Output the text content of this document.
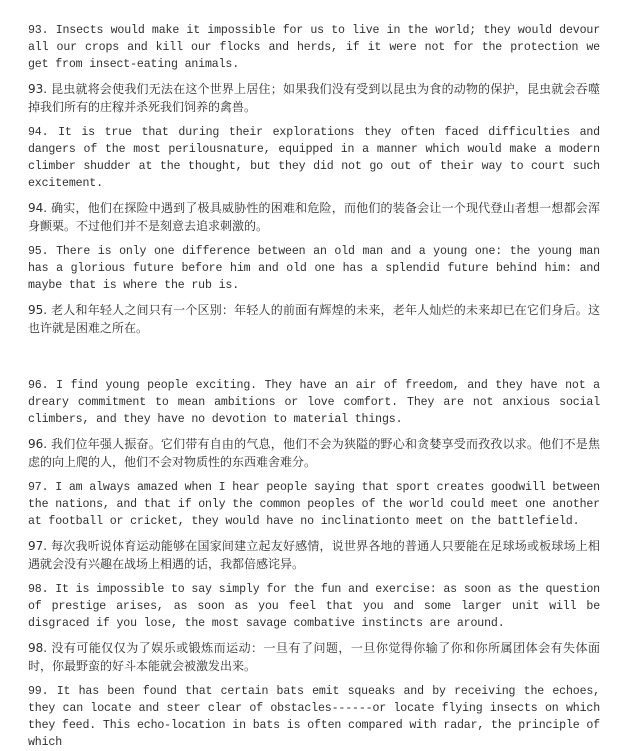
93. Insects would make it impossible for us to live in the world; they would devour all our crops and kill our flocks and herds, if it were not for the protection we get from insect-eating animals.

93. 昆虫就将会使我们无法在这个世界上居住；如果我们没有受到以昆虫为食的动物的保护，昆虫就会吞噬掉我们所有的庄稼并杀死我们饲养的禽兽。

94. It is true that during their explorations they often faced difficulties and dangers of the most perilousnature, equipped in a manner which would make a modern climber shudder at the thought, but they did not go out of their way to court such excitement.

94. 确实，他们在探险中遇到了极具威胁性的困难和危险，而他们的装备会让一个现代登山者想一想都会浑身颤栗。不过他们并不是刻意去追求刺激的。

95. There is only one difference between an old man and a young one: the young man has a glorious future before him and old one has a splendid future behind him: and maybe that is where the rub is.

95. 老人和年轻人之间只有一个区别：年轻人的前面有辉煌的未来，老年人灿烂的未来却已在它们身后。这也许就是困难之所在。

96. I find young people exciting. They have an air of freedom, and they have not a dreary commitment to mean ambitions or love comfort. They are not anxious social climbers, and they have no devotion to material things.

96. 我们位年强人振奋。它们带有自由的气息，他们不会为狭隘的野心和贪婪享受而孜孜以求。他们不是焦虑的向上爬的人，他们不会对物质性的东西难舍难分。

97. I am always amazed when I hear people saying that sport creates goodwill between the nations, and that if only the common peoples of the world could meet one another at football or cricket, they would have no inclinationto meet on the battlefield.

97. 每次我听说体育运动能够在国家间建立起友好感情，说世界各地的普通人只要能在足球场或板球场上相遇就会没有兴趣在战场上相遇的话，我都倍感诧异。

98. It is impossible to say simply for the fun and exercise: as soon as the question of prestige arises, as soon as you feel that you and some larger unit will be disgraced if you lose, the most savage combative instincts are around.

98. 没有可能仅仅为了娱乐或锻炼而运动：一旦有了问题，一旦你觉得你输了你和你所属团体会有失体面时，你最野蛮的好斗本能就会被激发出来。

99. It has been found that certain bats emit squeaks and by receiving the echoes, they can locate and steer clear of obstacles------or locate flying insects on which they feed. This echo-location in bats is often compared with radar, the principle of which
